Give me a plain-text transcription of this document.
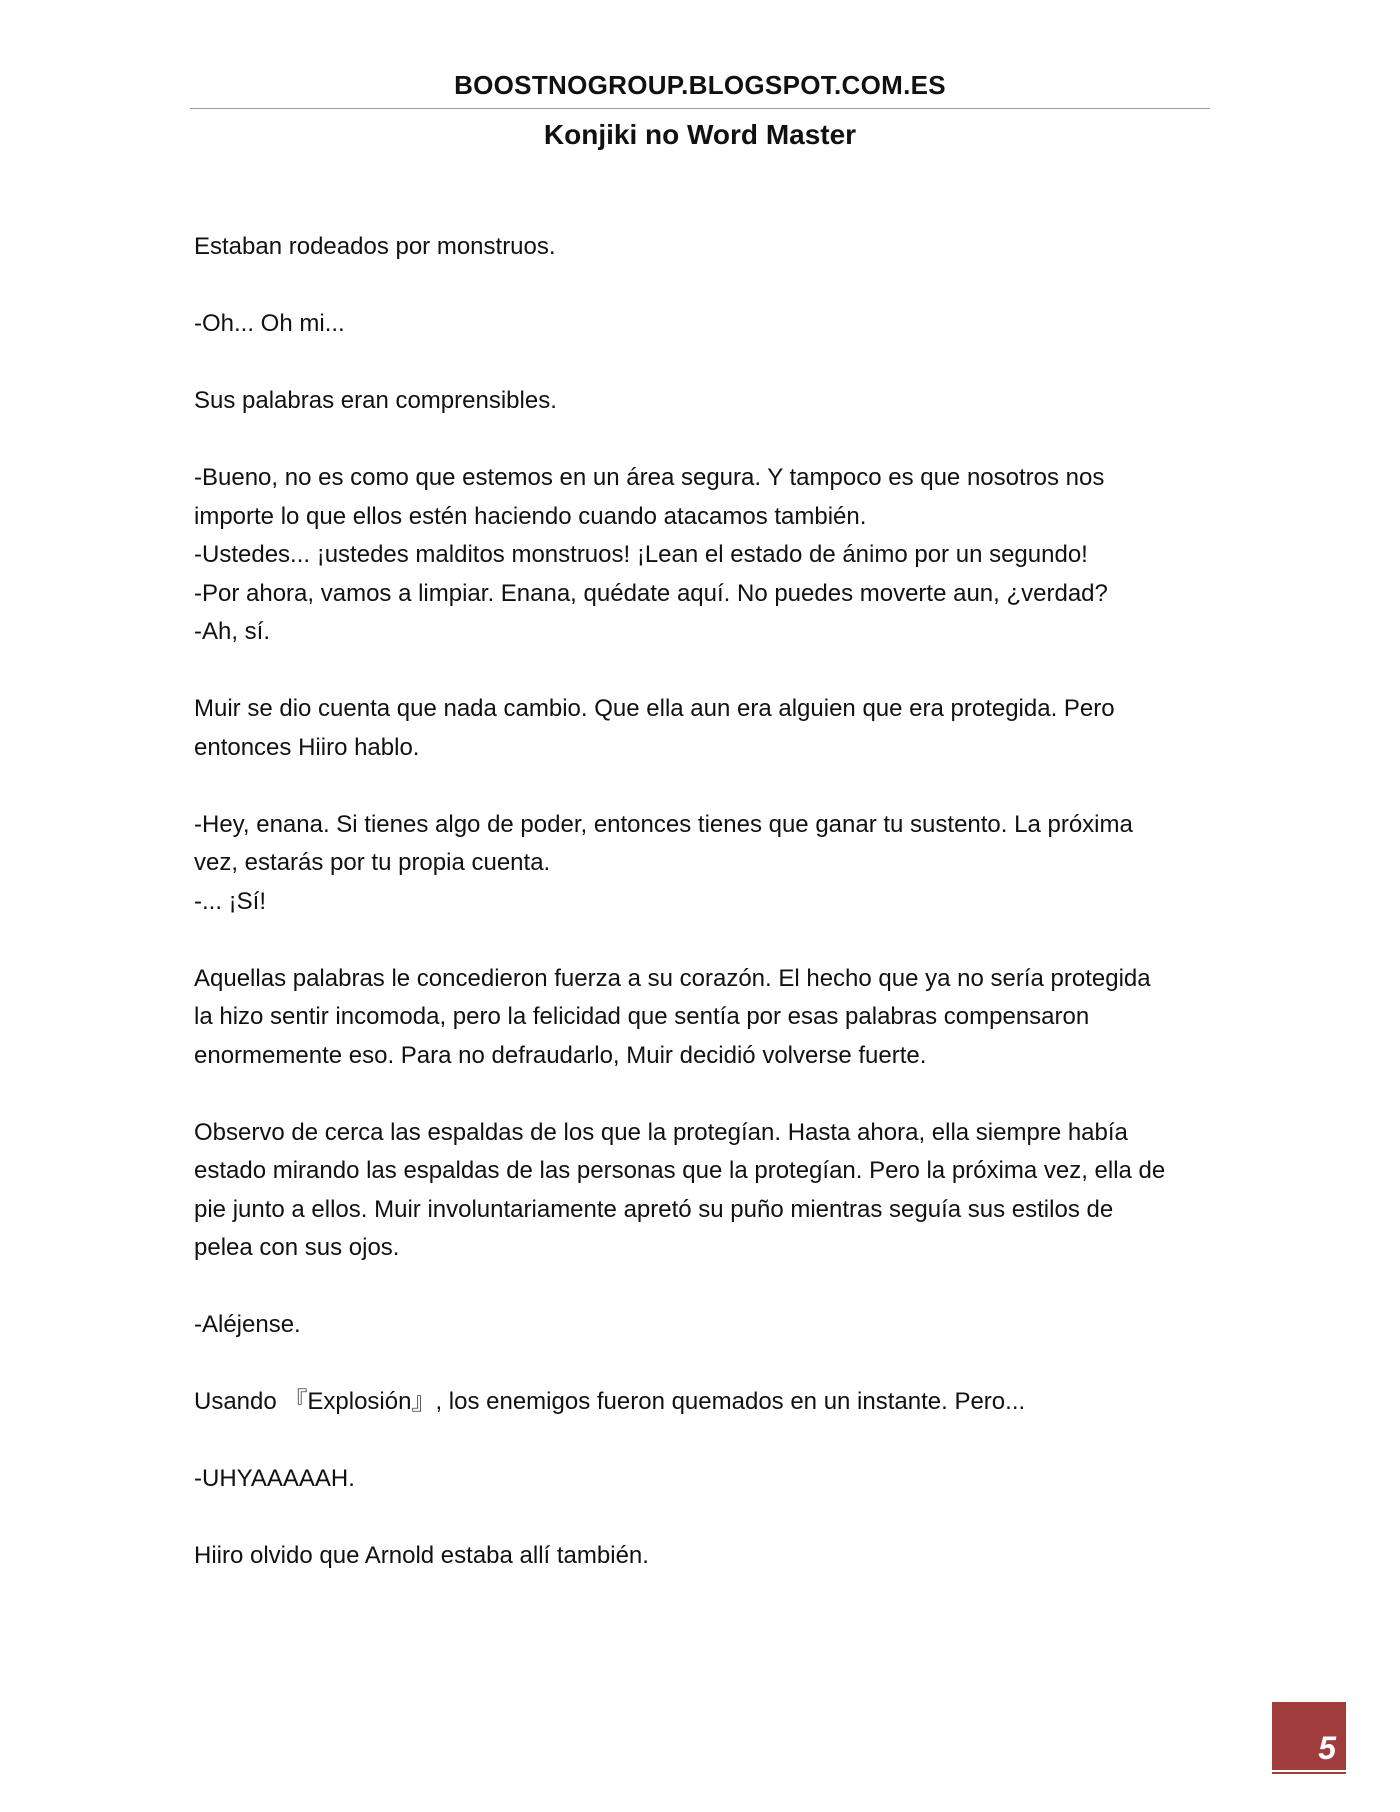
BOOSTNOGROUP.BLOGSPOT.COM.ES
Konjiki no Word Master
Estaban rodeados por monstruos.
-Oh... Oh mi...
Sus palabras eran comprensibles.
-Bueno, no es como que estemos en un área segura. Y tampoco es que nosotros nos
importe lo que ellos estén haciendo cuando atacamos también.
-Ustedes... ¡ustedes malditos monstruos! ¡Lean el estado de ánimo por un segundo!
-Por ahora, vamos a limpiar. Enana, quédate aquí. No puedes moverte aun, ¿verdad?
-Ah, sí.
Muir se dio cuenta que nada cambio. Que ella aun era alguien que era protegida. Pero
entonces Hiiro hablo.
-Hey, enana. Si tienes algo de poder, entonces tienes que ganar tu sustento. La próxima
vez, estarás por tu propia cuenta.
-... ¡Sí!
Aquellas palabras le concedieron fuerza a su corazón. El hecho que ya no sería protegida
la hizo sentir incomoda, pero la felicidad que sentía por esas palabras compensaron
enormemente eso. Para no defraudarlo, Muir decidió volverse fuerte.
Observo de cerca las espaldas de los que la protegían. Hasta ahora, ella siempre había
estado mirando las espaldas de las personas que la protegían. Pero la próxima vez, ella de
pie junto a ellos. Muir involuntariamente apretó su puño mientras seguía sus estilos de
pelea con sus ojos.
-Aléjense.
Usando 『Explosión』, los enemigos fueron quemados en un instante. Pero...
-UHYAAAAAH.
Hiiro olvido que Arnold estaba allí también.
5
